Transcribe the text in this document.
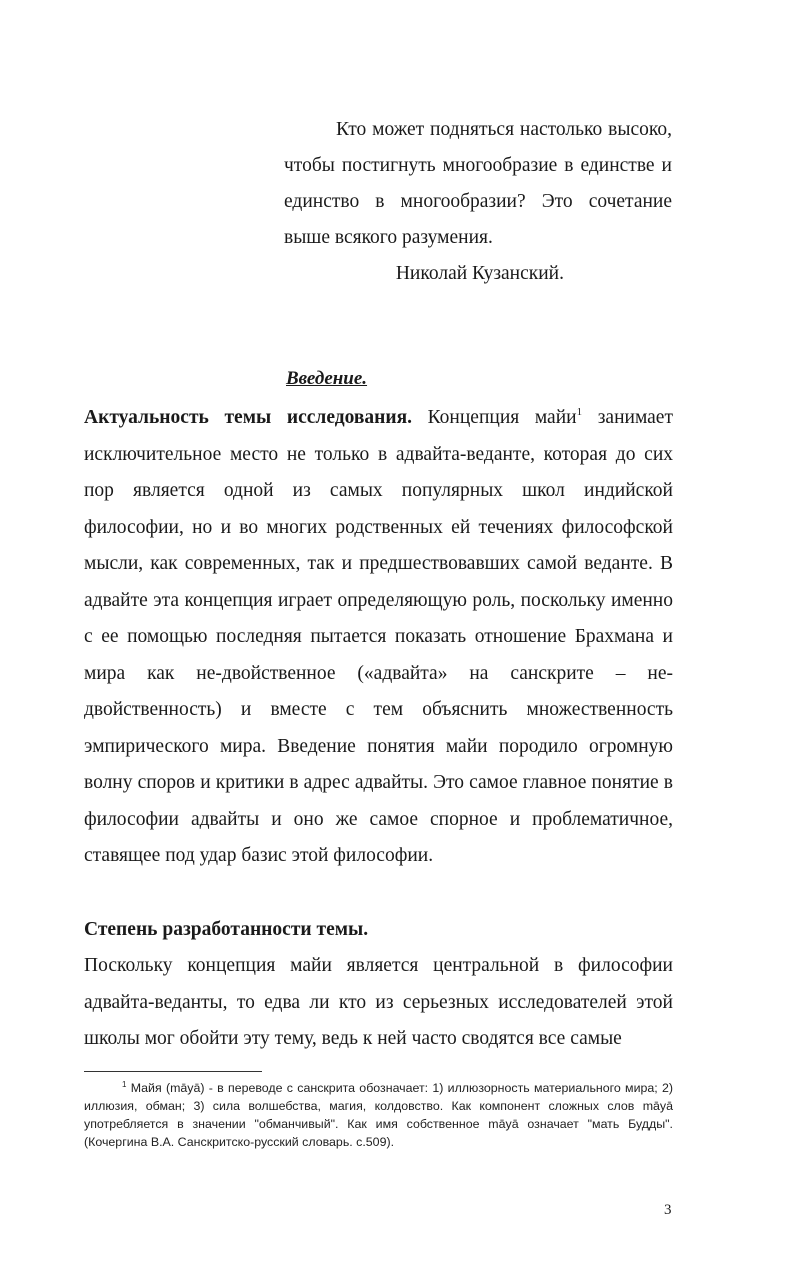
Кто может подняться настолько высоко, чтобы постигнуть многообразие в единстве и единство в многообразии? Это сочетание выше всякого разумения.

Николай Кузанский.

Введение.

Актуальность темы исследования. Концепция майи$^1$ занимает исключительное место не только в адвайта-веданте, которая до сих пор является одной из самых популярных школ индийской философии, но и во многих родственных ей течениях философской мысли, как современных, так и предшествовавших самой веданте. В адвайте эта концепция играет определяющую роль, поскольку именно с ее помощью последняя пытается показать отношение Брахмана и мира как не-двойственное («адвайта» на санскрите – не-двойственность) и вместе с тем объяснить множественность эмпирического мира. Введение понятия майи породило огромную волну споров и критики в адрес адвайты. Это самое главное понятие в философии адвайты и оно же самое спорное и проблематичное, ставящее под удар базис этой философии.

Степень разработанности темы.

Поскольку концепция майи является центральной в философии адвайта-веданты, то едва ли кто из серьезных исследователей этой школы мог обойти эту тему, ведь к ней часто сводятся все самые

$^1$ Майя (māyā) - в переводе с санскрита обозначает: 1) иллюзорность материального мира; 2) иллюзия, обман; 3) сила волшебства, магия, колдовство. Как компонент сложных слов māyā употребляется в значении "обманчивый". Как имя собственное māyā означает "мать Будды". (Кочергина В.А. Санскритско-русский словарь. с.509).

3
